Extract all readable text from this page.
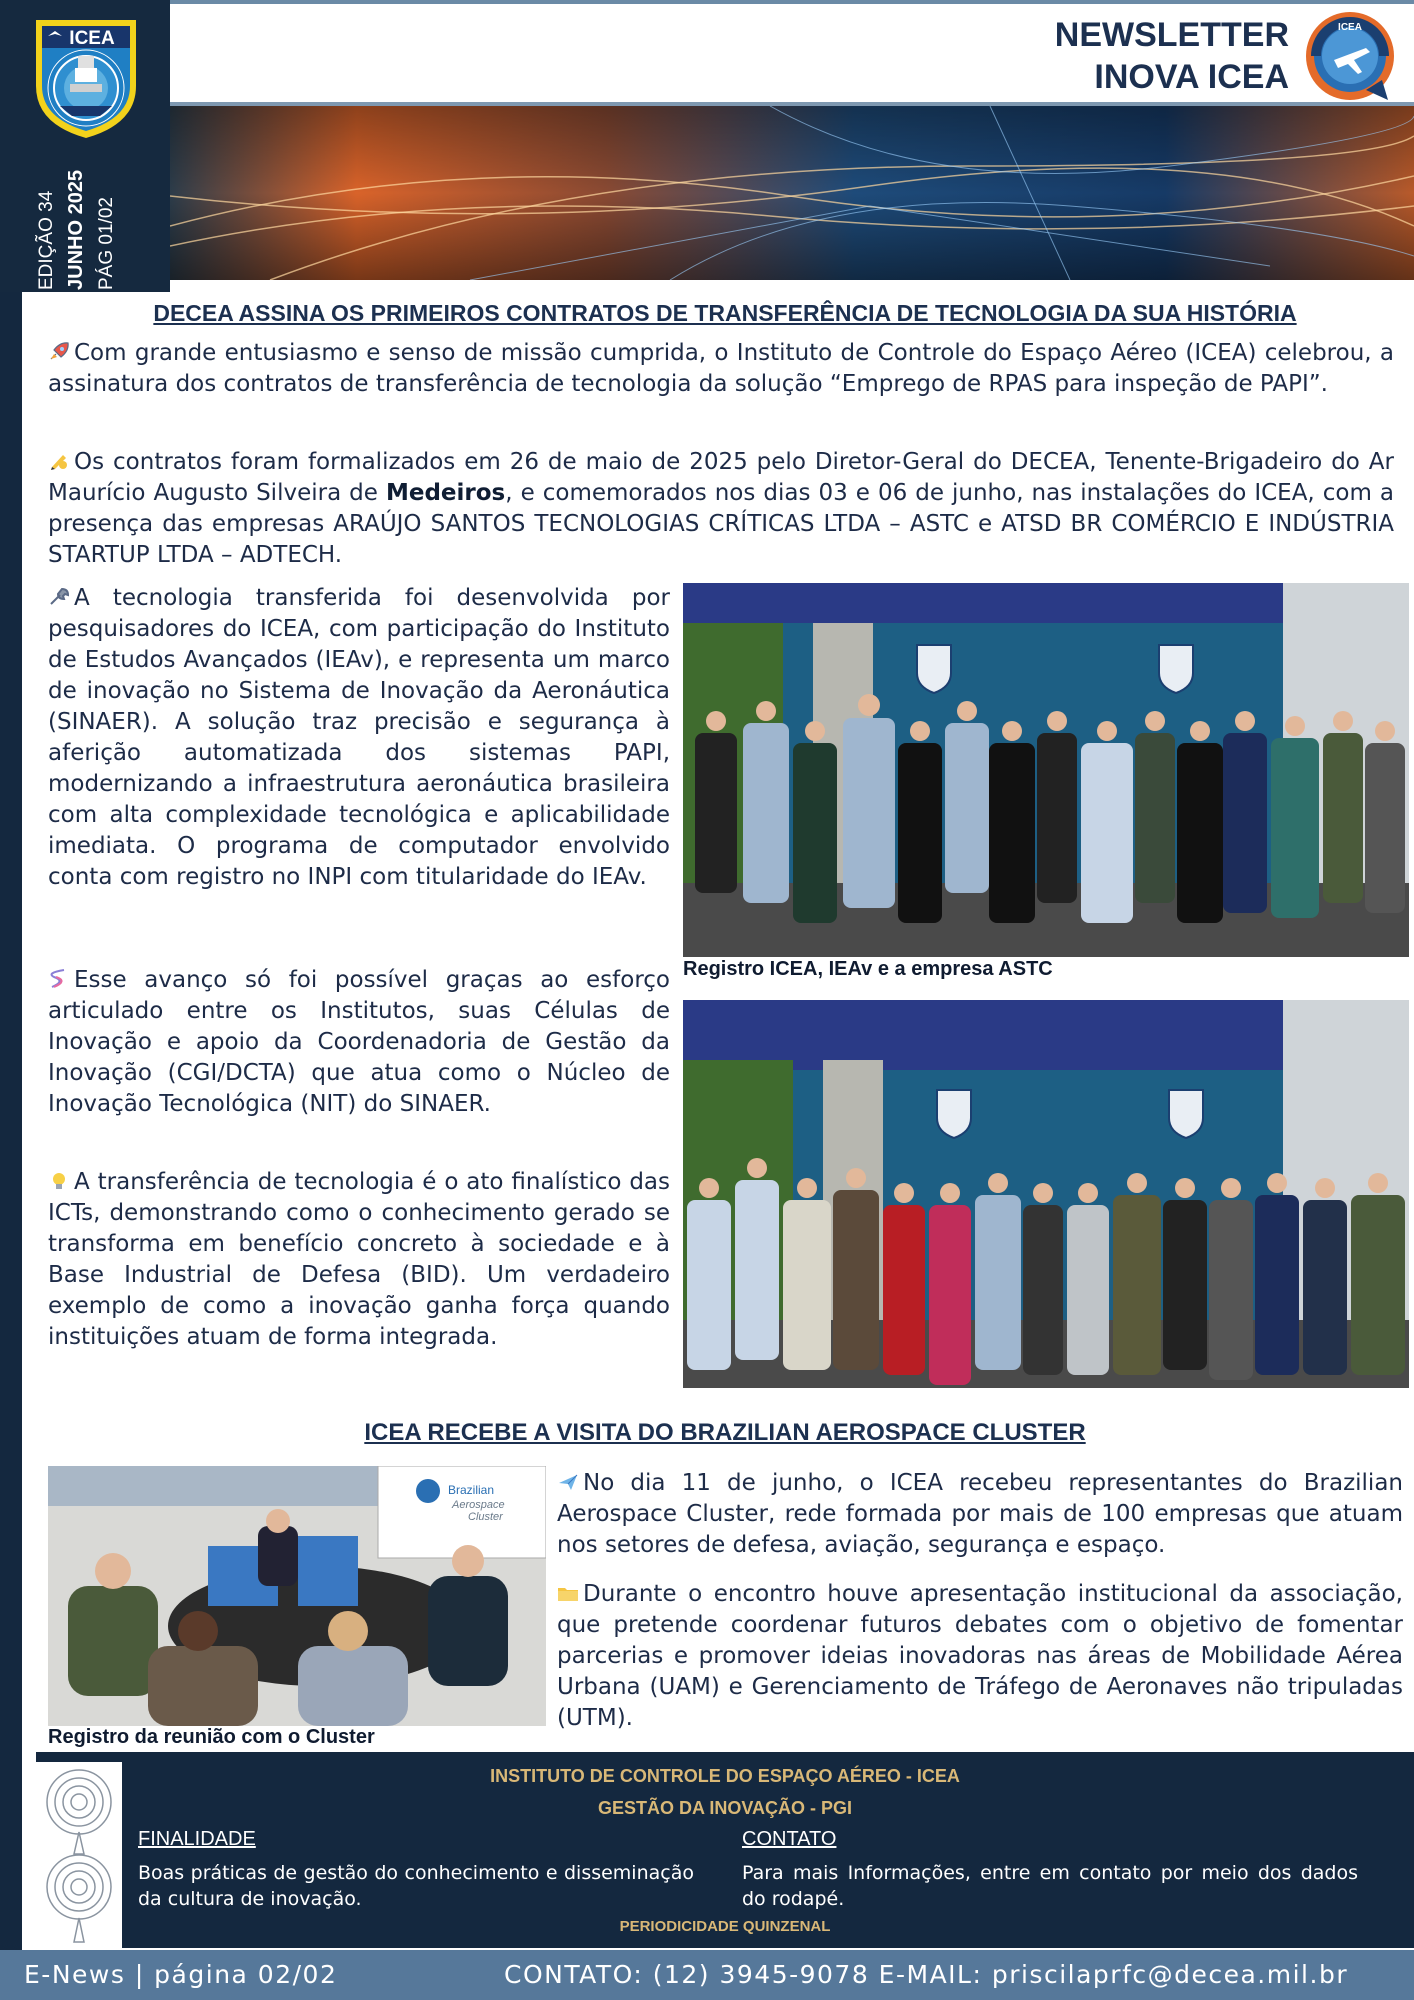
ICEA
EDIÇÃO 34 JUNHO 2025 PÁG 01/02
NEWSLETTER
INOVA ICEA
ICEA
DECEA ASSINA OS PRIMEIROS CONTRATOS DE TRANSFERÊNCIA DE TECNOLOGIA DA SUA HISTÓRIA
Com grande entusiasmo e senso de missão cumprida, o Instituto de Controle do Espaço Aéreo (ICEA) celebrou, a assinatura dos contratos de transferência de tecnologia da solução “Emprego de RPAS para inspeção de PAPI”.
Os contratos foram formalizados em 26 de maio de 2025 pelo Diretor-Geral do DECEA, Tenente-Brigadeiro do Ar Maurício Augusto Silveira de Medeiros, e comemorados nos dias 03 e 06 de junho, nas instalações do ICEA, com a presença das empresas ARAÚJO SANTOS TECNOLOGIAS CRÍTICAS LTDA – ASTC e ATSD BR COMÉRCIO E INDÚSTRIA STARTUP LTDA – ADTECH.
A tecnologia transferida foi desenvolvida por pesquisadores do ICEA, com participação do Instituto de Estudos Avançados (IEAv), e representa um marco de inovação no Sistema de Inovação da Aeronáutica (SINAER). A solução traz precisão e segurança à aferição automatizada dos sistemas PAPI, modernizando a infraestrutura aeronáutica brasileira com alta complexidade tecnológica e aplicabilidade imediata. O programa de computador envolvido conta com registro no INPI com titularidade do IEAv.
Esse avanço só foi possível graças ao esforço articulado entre os Institutos, suas Células de Inovação e apoio da Coordenadoria de Gestão da Inovação (CGI/DCTA) que atua como o Núcleo de Inovação Tecnológica (NIT) do SINAER.
A transferência de tecnologia é o ato finalístico das ICTs, demonstrando como o conhecimento gerado se transforma em benefício concreto à sociedade e à Base Industrial de Defesa (BID). Um verdadeiro exemplo de como a inovação ganha força quando instituições atuam de forma integrada.
Registro ICEA, IEAv e a empresa ASTC
ICEA RECEBE A VISITA DO BRAZILIAN AEROSPACE CLUSTER
Brazilian
Aerospace
Cluster
Registro da reunião com o Cluster
No dia 11 de junho, o ICEA recebeu representantes do Brazilian Aerospace Cluster, rede formada por mais de 100 empresas que atuam nos setores de defesa, aviação, segurança e espaço.
Durante o encontro houve apresentação institucional da associação, que pretende coordenar futuros debates com o objetivo de fomentar parcerias e promover ideias inovadoras nas áreas de Mobilidade Aérea Urbana (UAM) e Gerenciamento de Tráfego de Aeronaves não tripuladas (UTM).
INSTITUTO DE CONTROLE DO ESPAÇO AÉREO - ICEA
GESTÃO DA INOVAÇÃO - PGI
FINALIDADE
Boas práticas de gestão do conhecimento e disseminação da cultura de inovação.
CONTATO
Para mais Informações, entre em contato por meio dos dados do rodapé.
PERIODICIDADE QUINZENAL
E-News | página 02/02	CONTATO: (12) 3945-9078 E-MAIL: priscilaprfc@decea.mil.br
